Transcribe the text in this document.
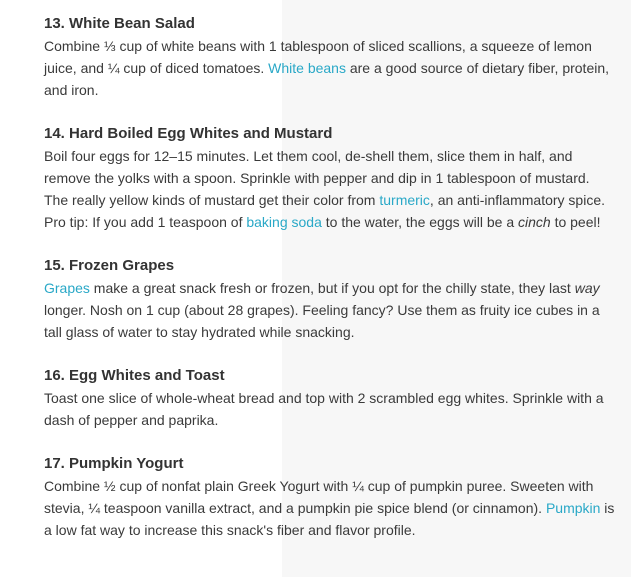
13. White Bean Salad

Combine ⅓ cup of white beans with 1 tablespoon of sliced scallions, a squeeze of lemon juice, and ¼ cup of diced tomatoes. White beans are a good source of dietary fiber, protein, and iron.

14. Hard Boiled Egg Whites and Mustard

Boil four eggs for 12–15 minutes. Let them cool, de-shell them, slice them in half, and remove the yolks with a spoon. Sprinkle with pepper and dip in 1 tablespoon of mustard. The really yellow kinds of mustard get their color from turmeric, an anti-inflammatory spice. Pro tip: If you add 1 teaspoon of baking soda to the water, the eggs will be a cinch to peel!

15. Frozen Grapes

Grapes make a great snack fresh or frozen, but if you opt for the chilly state, they last way longer. Nosh on 1 cup (about 28 grapes). Feeling fancy? Use them as fruity ice cubes in a tall glass of water to stay hydrated while snacking.

16. Egg Whites and Toast

Toast one slice of whole-wheat bread and top with 2 scrambled egg whites. Sprinkle with a dash of pepper and paprika.

17. Pumpkin Yogurt

Combine ½ cup of nonfat plain Greek Yogurt with ¼ cup of pumpkin puree. Sweeten with stevia, ¼ teaspoon vanilla extract, and a pumpkin pie spice blend (or cinnamon). Pumpkin is a low fat way to increase this snack's fiber and flavor profile.
